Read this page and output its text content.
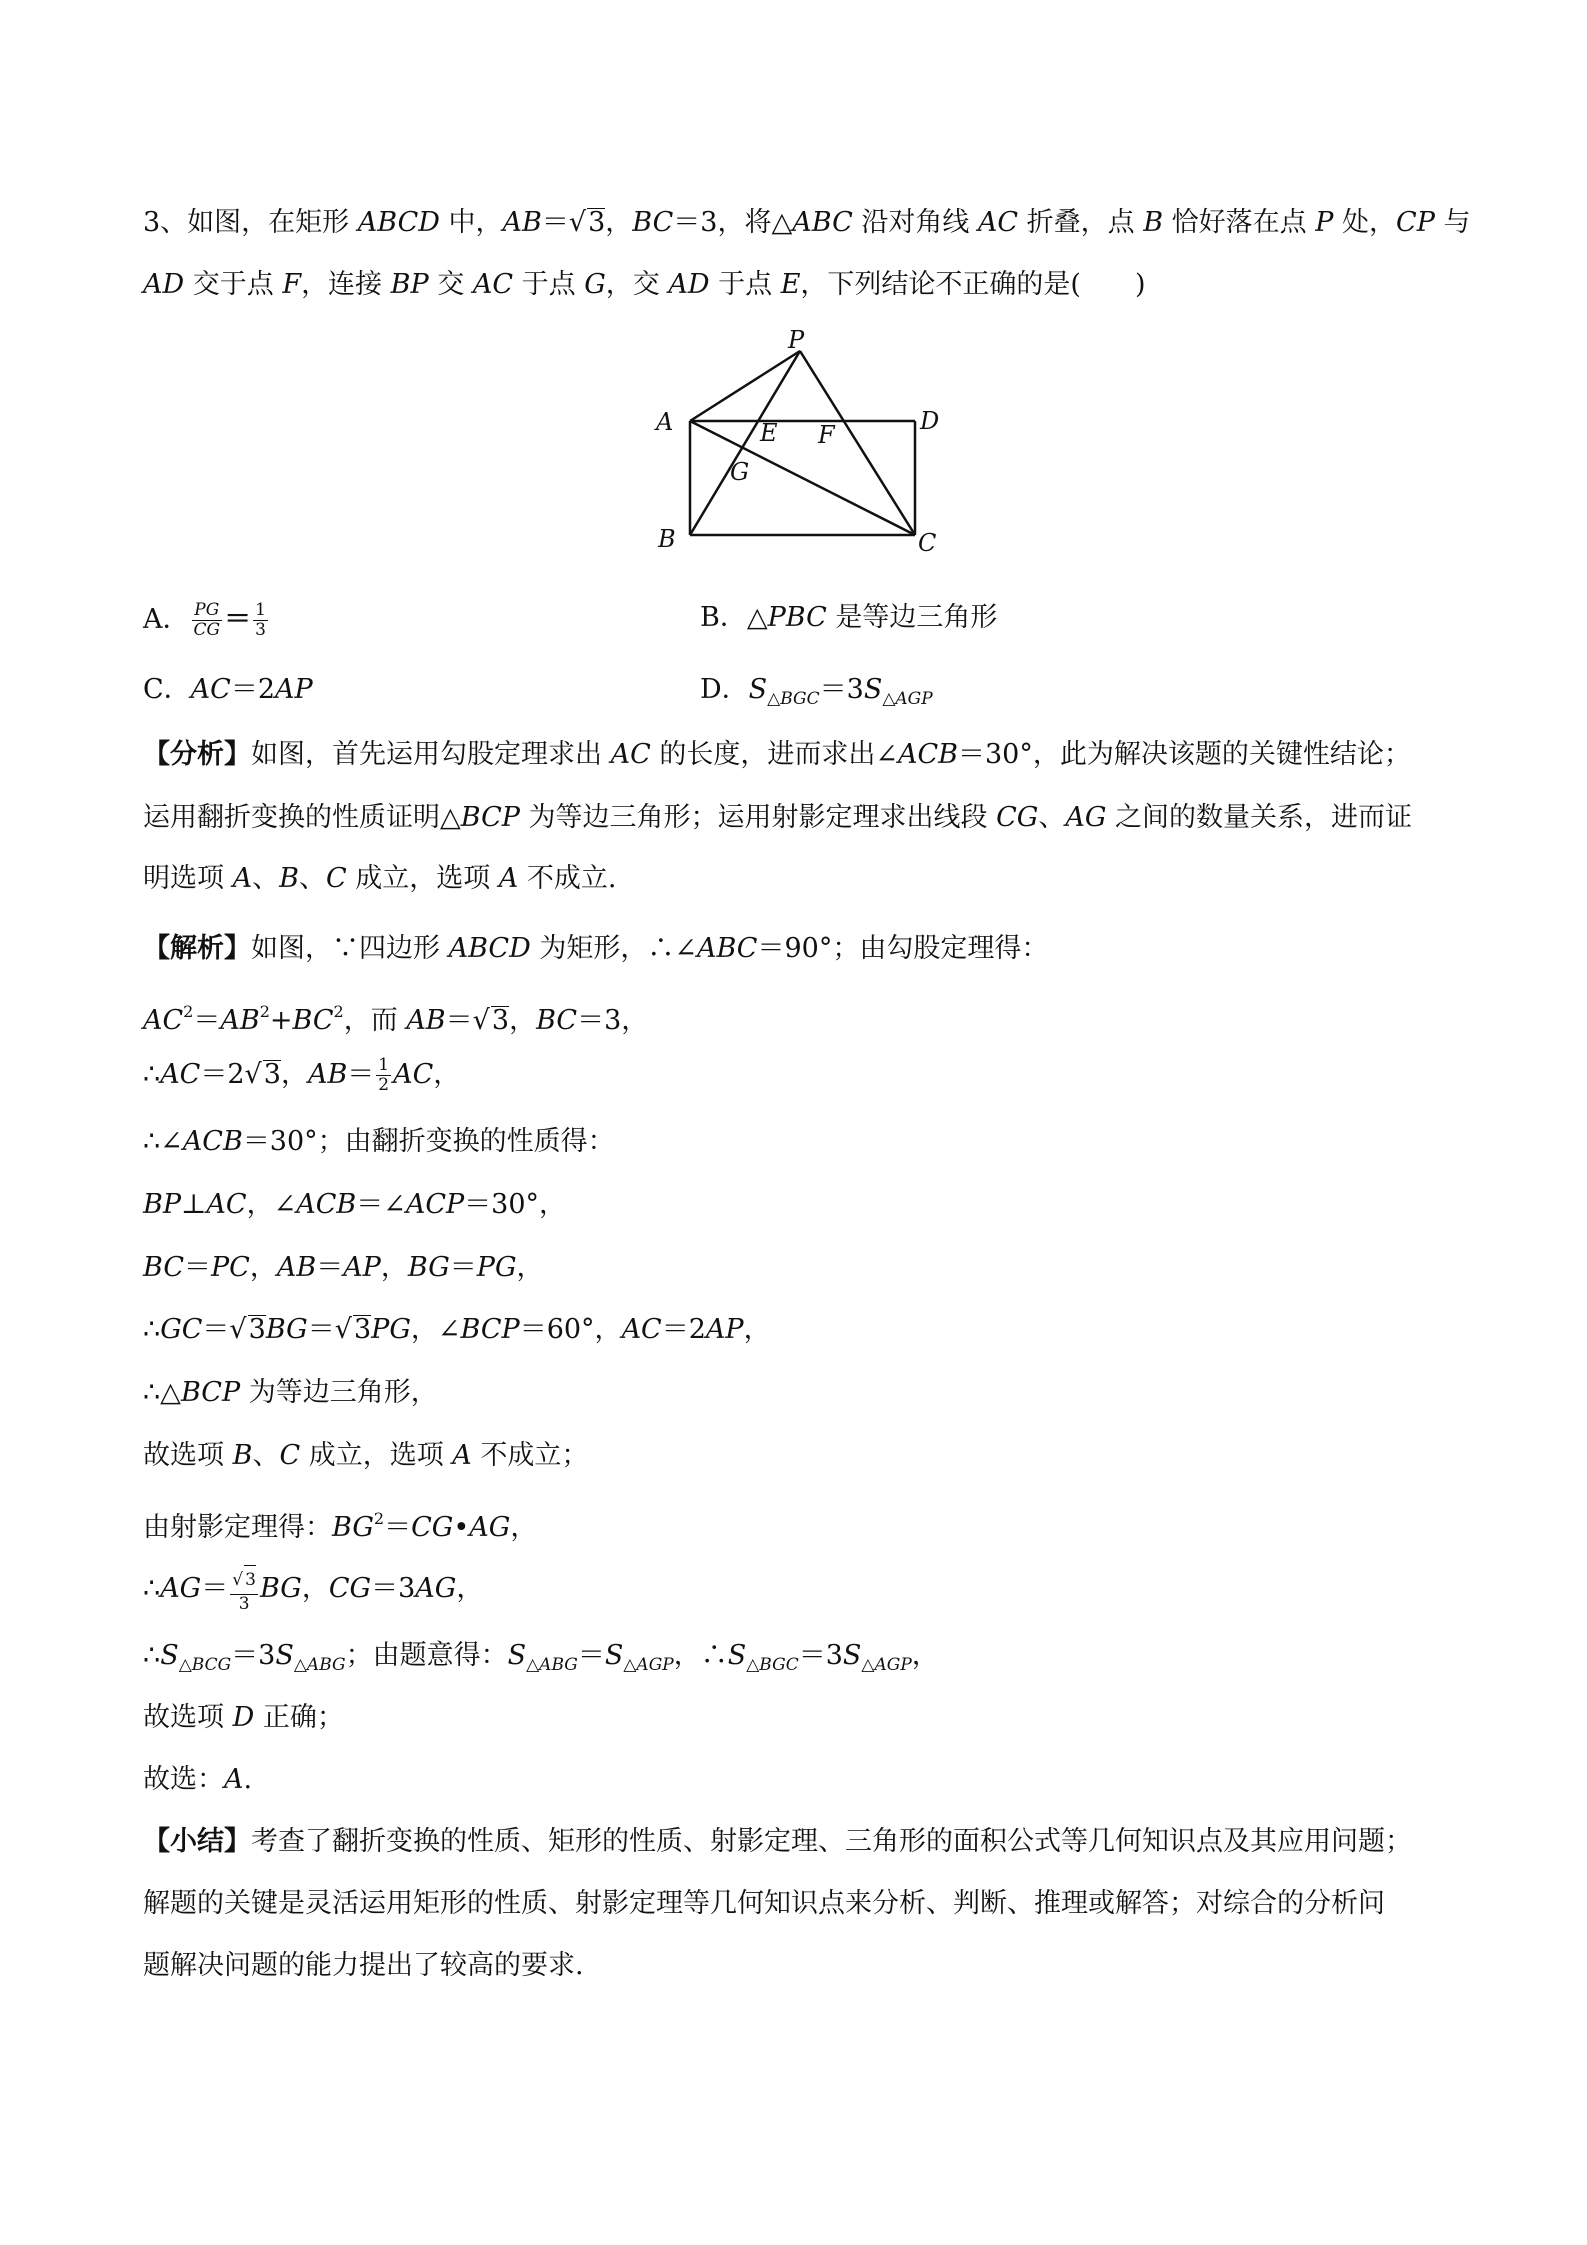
3、如图，在矩形 ABCD 中，AB＝√3，BC＝3，将△ABC 沿对角线 AC 折叠，点 B 恰好落在点 P 处，CP 与
AD 交于点 F，连接 BP 交 AC 于点 G，交 AD 于点 E，下列结论不正确的是(　　)
P
A	D
E F
G
B	C
A． $\frac{PG}{CG} = \frac{1}{3}$	B．△PBC 是等边三角形
C．AC＝2AP	D．$S_{\triangle BGC}=3S_{\triangle AGP}$
【分析】如图，首先运用勾股定理求出 AC 的长度，进而求出∠ACB＝30°，此为解决该题的关键性结论；
运用翻折变换的性质证明△BCP 为等边三角形；运用射影定理求出线段 CG、AG 之间的数量关系，进而证
明选项 A、B、C 成立，选项 A 不成立.
【解析】如图，∵四边形 ABCD 为矩形，∴∠ABC＝90°；由勾股定理得：
$AC^2=AB^2+BC^2$，而 AB＝√3，BC＝3，
∴AC＝2√3，$AB= \frac{1}{2}$ AC，
∴∠ACB＝30°；由翻折变换的性质得：
BP⊥AC，∠ACB＝∠ACP＝30°，
BC＝PC，AB＝AP，BG＝PG，
∴GC＝√3BG＝√3PG，∠BCP＝60°，AC＝2AP，
∴△BCP 为等边三角形，
故选项 B、C 成立，选项 A 不成立；
由射影定理得：$BG^2=CG•AG$，
∴AG＝ $\frac{√ 3}{3}$ BG，CG＝3AG，
$\therefore S_{\triangle BCG}=3S_{\triangle ABG}$；由题意得：$S_{\triangle ABG}=S_{\triangle AGP}$，$\therefore S_{\triangle BGC}=3S_{\triangle AGP}$，
故选项 D 正确；
故选：A.
【小结】考查了翻折变换的性质、矩形的性质、射影定理、三角形的面积公式等几何知识点及其应用问题；
解题的关键是灵活运用矩形的性质、射影定理等几何知识点来分析、判断、推理或解答；对综合的分析问
题解决问题的能力提出了较高的要求.
